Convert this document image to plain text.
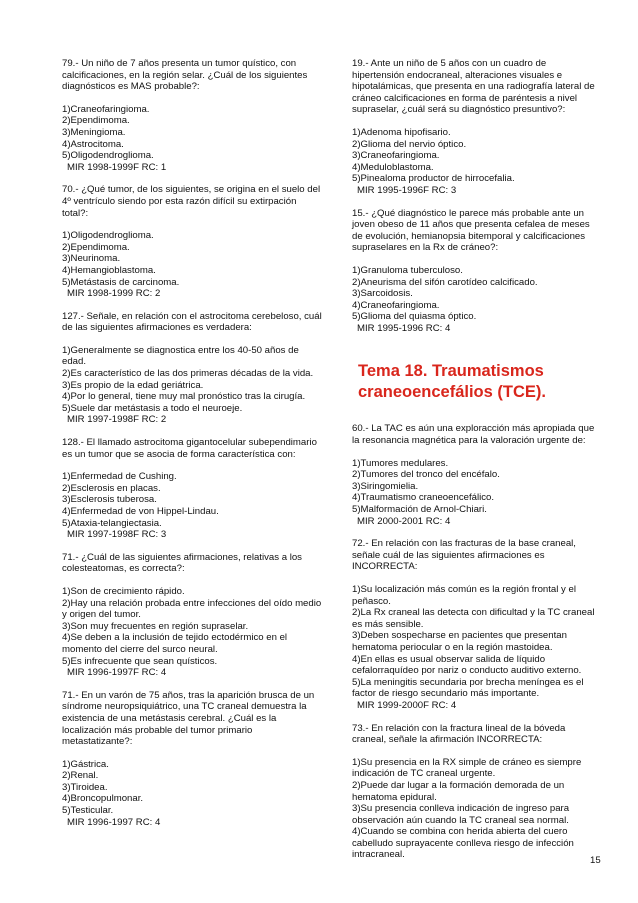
79.- Un niño de 7 años presenta un tumor quístico, con calcificaciones, en la región selar. ¿Cuál de los siguientes diagnósticos es MAS probable?:

1)Craneofaringioma.

2)Ependimoma.

3)Meningioma.

4)Astrocitoma.

5)Oligodendroglioma.

MIR 1998-1999F RC: 1

70.- ¿Qué tumor, de los siguientes, se origina en el suelo del 4º ventrículo siendo por esta razón difícil su extirpación total?:

1)Oligodendroglioma.

2)Ependimoma.

3)Neurinoma.

4)Hemangioblastoma.

5)Metástasis de carcinoma.

MIR 1998-1999 RC: 2

127.- Señale, en relación con el astrocitoma cerebeloso, cuál de las siguientes afirmaciones es verdadera:

1)Generalmente se diagnostica entre los 40-50 años de edad.

2)Es característico de las dos primeras décadas de la vida.

3)Es propio de la edad geriátrica.

4)Por lo general, tiene muy mal pronóstico tras la cirugía.

5)Suele dar metástasis a todo el neuroeje.

MIR 1997-1998F RC: 2

128.- El llamado astrocitoma gigantocelular subependimario es un tumor que se asocia de forma característica con:

1)Enfermedad de Cushing.

2)Esclerosis en placas.

3)Esclerosis tuberosa.

4)Enfermedad de von Hippel-Lindau.

5)Ataxia-telangiectasia.

MIR 1997-1998F RC: 3

71.- ¿Cuál de las siguientes afirmaciones, relativas a los colesteatomas, es correcta?:

1)Son de crecimiento rápido.

2)Hay una relación probada entre infecciones del oído medio y origen del tumor.

3)Son muy frecuentes en región supraselar.

4)Se deben a la inclusión de tejido ectodérmico en el momento del cierre del surco neural.

5)Es infrecuente que sean quísticos.

MIR 1996-1997F RC: 4

71.- En un varón de 75 años, tras la aparición brusca de un síndrome neuropsiquiátrico, una TC craneal demuestra la existencia de una metástasis cerebral. ¿Cuál es la localización más probable del tumor primario metastatizante?:

1)Gástrica.

2)Renal.

3)Tiroidea.

4)Broncopulmonar.

5)Testicular.

MIR 1996-1997 RC: 4

19.- Ante un niño de 5 años con un cuadro de hipertensión endocraneal, alteraciones visuales e hipotalámicas, que presenta en una radiografía lateral de cráneo calcificaciones en forma de paréntesis a nivel supraselar, ¿cuál será su diagnóstico presuntivo?:

1)Adenoma hipofisario.

2)Glioma del nervio óptico.

3)Craneofaringioma.

4)Meduloblastoma.

5)Pinealoma productor de hirrocefalia.

MIR 1995-1996F RC: 3

15.- ¿Qué diagnóstico le parece más probable ante un joven obeso de 11 años que presenta cefalea de meses de evolución, hemianopsia bitemporal y calcificaciones supraselares en la Rx de cráneo?:

1)Granuloma tuberculoso.

2)Aneurisma del sifón carotídeo calcificado.

3)Sarcoidosis.

4)Craneofaringioma.

5)Glioma del quiasma óptico.

MIR 1995-1996 RC: 4

Tema 18. Traumatismos craneoencefálios (TCE).

60.- La TAC es aún una exploracción más apropiada que la resonancia magnética para la valoración urgente de:

1)Tumores medulares.

2)Tumores del tronco del encéfalo.

3)Siringomielia.

4)Traumatismo craneoencefálico.

5)Malformación de Arnol-Chiari.

MIR 2000-2001 RC: 4

72.- En relación con las fracturas de la base craneal, señale cuál de las siguientes afirmaciones es INCORRECTA:

1)Su localización más común es la región frontal y el peñasco.

2)La Rx craneal las detecta con dificultad y la TC craneal es más sensible.

3)Deben sospecharse en pacientes que presentan hematoma periocular o en la región mastoidea.

4)En ellas es usual observar salida de líquido cefalorraquídeo por nariz o conducto auditivo externo.

5)La meningitis secundaria por brecha meníngea es el factor de riesgo secundario más importante.

MIR 1999-2000F RC: 4

73.- En relación con la fractura lineal de la bóveda craneal, señale la afirmación INCORRECTA:

1)Su presencia en la RX simple de cráneo es siempre indicación de TC craneal urgente.

2)Puede dar lugar a la formación demorada de un hematoma epidural.

3)Su presencia conlleva indicación de ingreso para observación aún cuando la TC craneal sea normal.

4)Cuando se combina con herida abierta del cuero cabelludo suprayacente conlleva riesgo de infección intracraneal.

15
